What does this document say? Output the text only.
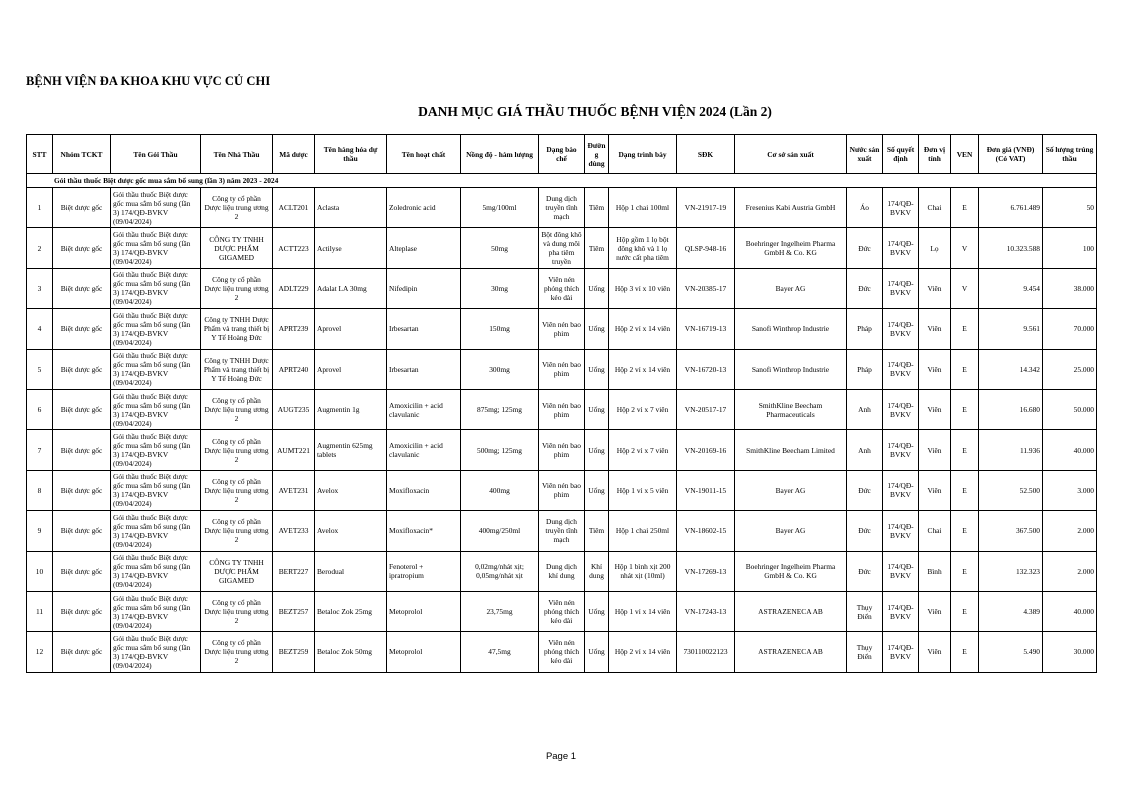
BỆNH VIỆN ĐA KHOA KHU VỰC CỦ CHI
DANH MỤC GIÁ THẦU THUỐC BỆNH VIỆN 2024 (Lần 2)
STT	Nhóm TCKT	Tên Gói Thầu	Tên Nhà Thầu	Mã dược	Tên hàng hóa dự thầu	Tên hoạt chất	Nồng độ - hàm lượng	Dạng bào chế	Đường dùng	Dạng trình bày	SĐK	Cơ sở sản xuất	Nước sản xuất	Số quyết định	Đơn vị tính	VEN	Đơn giá (VNĐ) (Có VAT)	Số lượng trúng thầu
Gói thầu thuốc Biệt dược gốc mua sắm bổ sung (lần 3) năm 2023 - 2024																		
1	Biệt dược gốc	Gói thầu thuốc Biệt dược gốc mua sắm bổ sung (lần 3) 174/QĐ-BVKV (09/04/2024)	Công ty cổ phần Dược liệu trung ương 2	ACLT201	Aclasta	Zoledronic acid	5mg/100ml	Dung dịch truyền tĩnh mạch	Tiêm	Hộp 1 chai 100ml	VN-21917-19	Fresenius Kabi Austria GmbH	Áo	174/QĐ-BVKV	Chai	E	6.761.489	50
2	Biệt dược gốc	Gói thầu thuốc Biệt dược gốc mua sắm bổ sung (lần 3) 174/QĐ-BVKV (09/04/2024)	CÔNG TY TNHH DƯỢC PHẨM GIGAMED	ACTT223	Actilyse	Alteplase	50mg	Bột đông khô và dung môi pha tiêm truyền	Tiêm	Hộp gồm 1 lọ bột đông khô và 1 lọ nước cất pha tiêm	QLSP-948-16	Boehringer Ingelheim Pharma GmbH & Co. KG	Đức	174/QĐ-BVKV	Lọ	V	10.323.588	100
3	Biệt dược gốc	Gói thầu thuốc Biệt dược gốc mua sắm bổ sung (lần 3) 174/QĐ-BVKV (09/04/2024)	Công ty cổ phần Dược liệu trung ương 2	ADLT229	Adalat LA 30mg	Nifedipin	30mg	Viên nén phóng thích kéo dài	Uống	Hộp 3 vỉ x 10 viên	VN-20385-17	Bayer AG	Đức	174/QĐ-BVKV	Viên	V	9.454	38.000
4	Biệt dược gốc	Gói thầu thuốc Biệt dược gốc mua sắm bổ sung (lần 3) 174/QĐ-BVKV (09/04/2024)	Công ty TNHH Dược Phẩm và trang thiết bị Y Tế Hoàng Đức	APRT239	Aprovel	Irbesartan	150mg	Viên nén bao phim	Uống	Hộp 2 vỉ x 14 viên	VN-16719-13	Sanofi Winthrop Industrie	Pháp	174/QĐ-BVKV	Viên	E	9.561	70.000
5	Biệt dược gốc	Gói thầu thuốc Biệt dược gốc mua sắm bổ sung (lần 3) 174/QĐ-BVKV (09/04/2024)	Công ty TNHH Dược Phẩm và trang thiết bị Y Tế Hoàng Đức	APRT240	Aprovel	Irbesartan	300mg	Viên nén bao phim	Uống	Hộp 2 vỉ x 14 viên	VN-16720-13	Sanofi Winthrop Industrie	Pháp	174/QĐ-BVKV	Viên	E	14.342	25.000
6	Biệt dược gốc	Gói thầu thuốc Biệt dược gốc mua sắm bổ sung (lần 3) 174/QĐ-BVKV (09/04/2024)	Công ty cổ phần Dược liệu trung ương 2	AUGT235	Augmentin 1g	Amoxicilin + acid clavulanic	875mg; 125mg	Viên nén bao phim	Uống	Hộp 2 vỉ x 7 viên	VN-20517-17	SmithKline Beecham Pharmaceuticals	Anh	174/QĐ-BVKV	Viên	E	16.680	50.000
7	Biệt dược gốc	Gói thầu thuốc Biệt dược gốc mua sắm bổ sung (lần 3) 174/QĐ-BVKV (09/04/2024)	Công ty cổ phần Dược liệu trung ương 2	AUMT221	Augmentin 625mg tablets	Amoxicilin + acid clavulanic	500mg; 125mg	Viên nén bao phim	Uống	Hộp 2 vỉ x 7 viên	VN-20169-16	SmithKline Beecham Limited	Anh	174/QĐ-BVKV	Viên	E	11.936	40.000
8	Biệt dược gốc	Gói thầu thuốc Biệt dược gốc mua sắm bổ sung (lần 3) 174/QĐ-BVKV (09/04/2024)	Công ty cổ phần Dược liệu trung ương 2	AVET231	Avelox	Moxifloxacin	400mg	Viên nén bao phim	Uống	Hộp 1 vỉ x 5 viên	VN-19011-15	Bayer AG	Đức	174/QĐ-BVKV	Viên	E	52.500	3.000
9	Biệt dược gốc	Gói thầu thuốc Biệt dược gốc mua sắm bổ sung (lần 3) 174/QĐ-BVKV (09/04/2024)	Công ty cổ phần Dược liệu trung ương 2	AVET233	Avelox	Moxifloxacin*	400mg/250ml	Dung dịch truyền tĩnh mạch	Tiêm	Hộp 1 chai 250ml	VN-18602-15	Bayer AG	Đức	174/QĐ-BVKV	Chai	E	367.500	2.000
10	Biệt dược gốc	Gói thầu thuốc Biệt dược gốc mua sắm bổ sung (lần 3) 174/QĐ-BVKV (09/04/2024)	CÔNG TY TNHH DƯỢC PHẨM GIGAMED	BERT227	Berodual	Fenoterol + ipratropium	0,02mg/nhát xịt; 0,05mg/nhát xịt	Dung dịch khí dung	Khí dung	Hộp 1 bình xịt 200 nhát xịt (10ml)	VN-17269-13	Boehringer Ingelheim Pharma GmbH & Co. KG	Đức	174/QĐ-BVKV	Bình	E	132.323	2.000
11	Biệt dược gốc	Gói thầu thuốc Biệt dược gốc mua sắm bổ sung (lần 3) 174/QĐ-BVKV (09/04/2024)	Công ty cổ phần Dược liệu trung ương 2	BEZT257	Betaloc Zok 25mg	Metoprolol	23,75mg	Viên nén phóng thích kéo dài	Uống	Hộp 1 vỉ x 14 viên	VN-17243-13	ASTRAZENECA AB	Thụy Điển	174/QĐ-BVKV	Viên	E	4.389	40.000
12	Biệt dược gốc	Gói thầu thuốc Biệt dược gốc mua sắm bổ sung (lần 3) 174/QĐ-BVKV (09/04/2024)	Công ty cổ phần Dược liệu trung ương 2	BEZT259	Betaloc Zok 50mg	Metoprolol	47,5mg	Viên nén phóng thích kéo dài	Uống	Hộp 2 vỉ x 14 viên	730110022123	ASTRAZENECA AB	Thụy Điển	174/QĐ-BVKV	Viên	E	5.490	30.000
Page 1
